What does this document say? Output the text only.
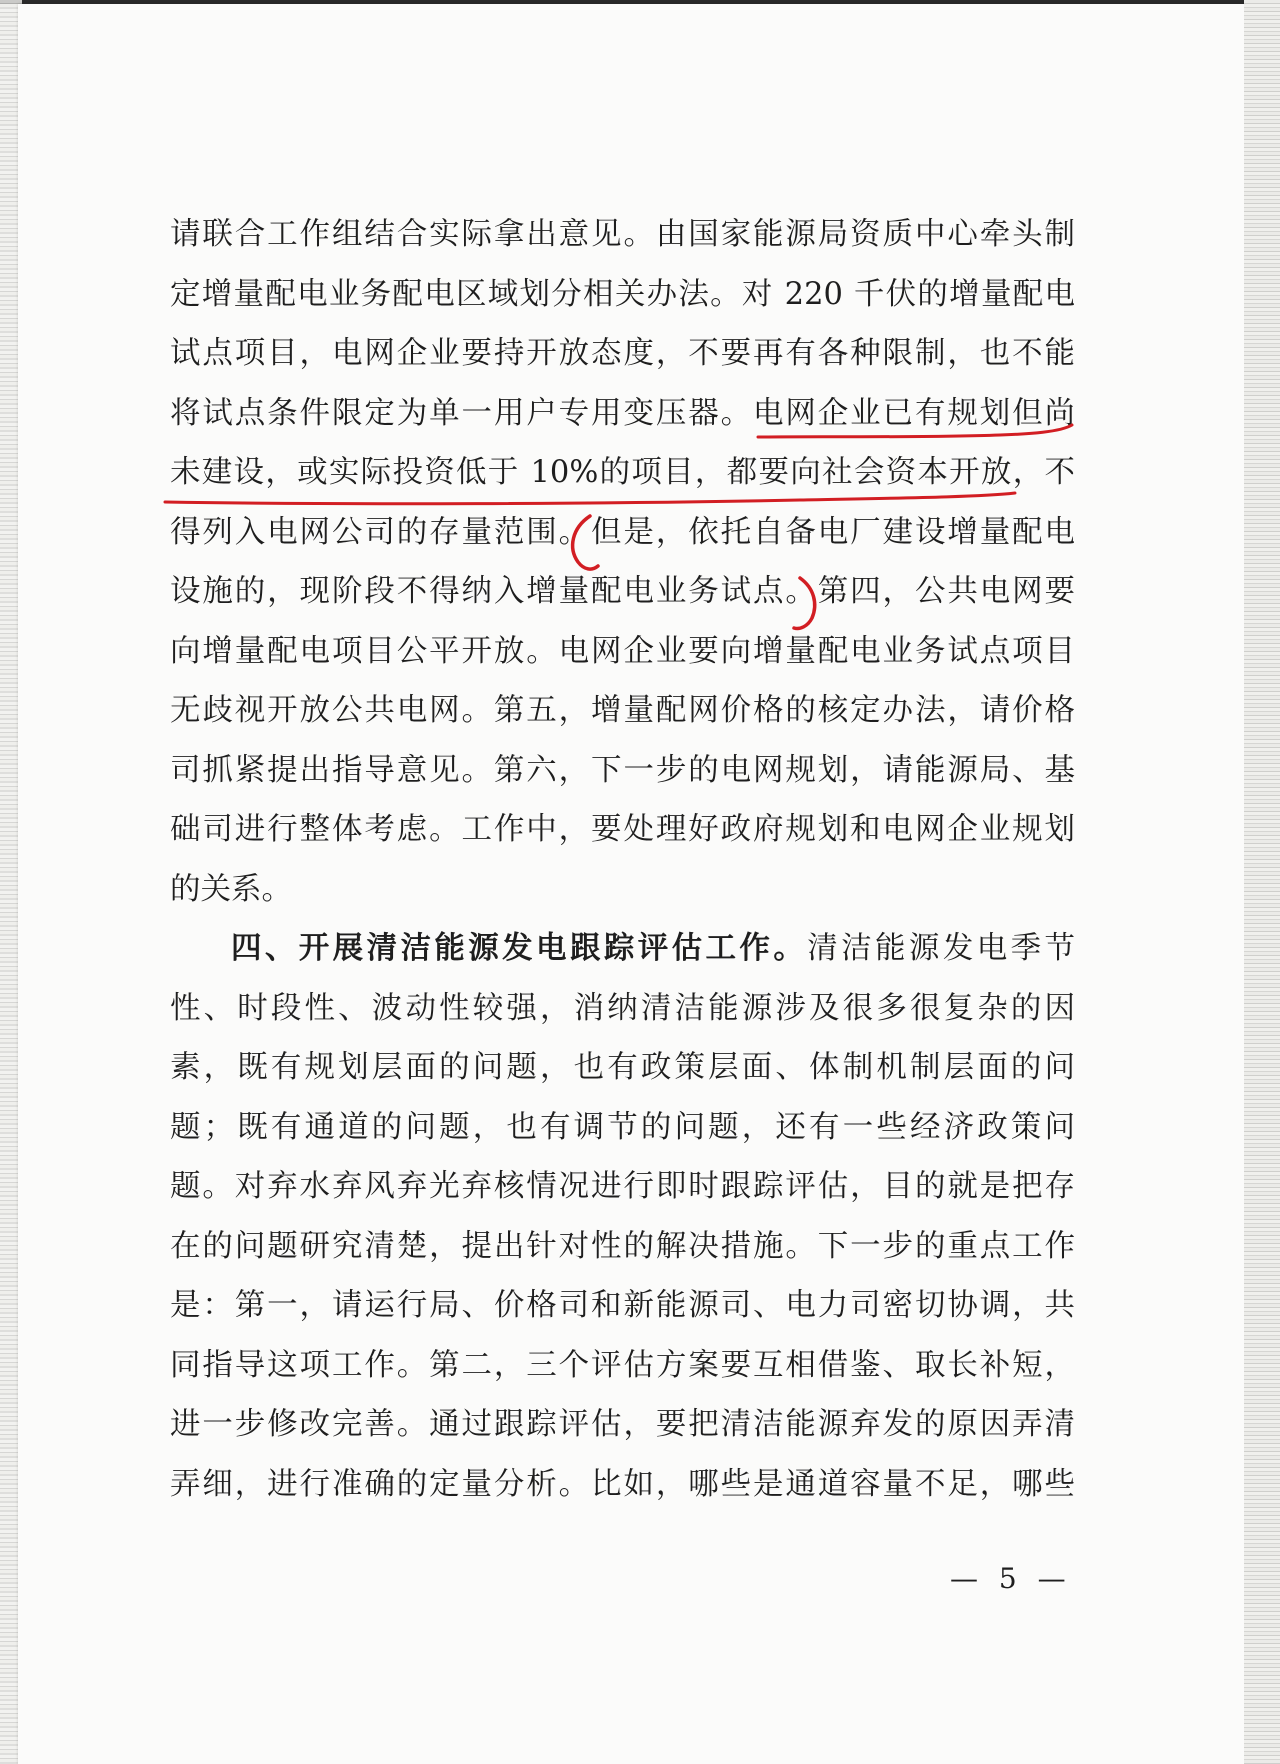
请联合工作组结合实际拿出意见。由国家能源局资质中心牵头制
定增量配电业务配电区域划分相关办法。对 220 千伏的增量配电
试点项目，电网企业要持开放态度，不要再有各种限制，也不能
将试点条件限定为单一用户专用变压器。电网企业已有规划但尚
未建设，或实际投资低于 10%的项目，都要向社会资本开放，不
得列入电网公司的存量范围。但是，依托自备电厂建设增量配电
设施的，现阶段不得纳入增量配电业务试点。第四，公共电网要
向增量配电项目公平开放。电网企业要向增量配电业务试点项目
无歧视开放公共电网。第五，增量配网价格的核定办法，请价格
司抓紧提出指导意见。第六，下一步的电网规划，请能源局、基
础司进行整体考虑。工作中，要处理好政府规划和电网企业规划
的关系。
四、开展清洁能源发电跟踪评估工作。清洁能源发电季节
性、时段性、波动性较强，消纳清洁能源涉及很多很复杂的因
素，既有规划层面的问题，也有政策层面、体制机制层面的问
题；既有通道的问题，也有调节的问题，还有一些经济政策问
题。对弃水弃风弃光弃核情况进行即时跟踪评估，目的就是把存
在的问题研究清楚，提出针对性的解决措施。下一步的重点工作
是：第一，请运行局、价格司和新能源司、电力司密切协调，共
同指导这项工作。第二，三个评估方案要互相借鉴、取长补短，
进一步修改完善。通过跟踪评估，要把清洁能源弃发的原因弄清
弄细，进行准确的定量分析。比如，哪些是通道容量不足，哪些
— 5 —
